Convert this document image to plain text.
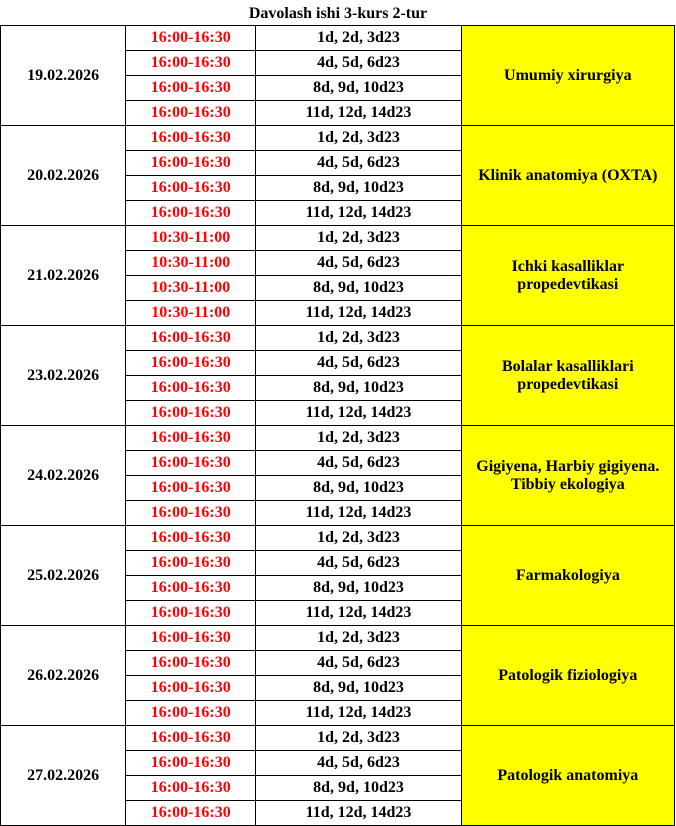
Davolash ishi 3-kurs 2-tur
19.02.2026	16:00-16:30	1d, 2d, 3d23	Umumiy xirurgiya
	16:00-16:30	4d, 5d, 6d23	
	16:00-16:30	8d, 9d, 10d23	
	16:00-16:30	11d, 12d, 14d23	
20.02.2026	16:00-16:30	1d, 2d, 3d23	Klinik anatomiya (OXTA)
	16:00-16:30	4d, 5d, 6d23	
	16:00-16:30	8d, 9d, 10d23	
	16:00-16:30	11d, 12d, 14d23	
21.02.2026	10:30-11:00	1d, 2d, 3d23	Ichki kasalliklar propedevtikasi
	10:30-11:00	4d, 5d, 6d23	
	10:30-11:00	8d, 9d, 10d23	
	10:30-11:00	11d, 12d, 14d23	
23.02.2026	16:00-16:30	1d, 2d, 3d23	Bolalar kasalliklari propedevtikasi
	16:00-16:30	4d, 5d, 6d23	
	16:00-16:30	8d, 9d, 10d23	
	16:00-16:30	11d, 12d, 14d23	
24.02.2026	16:00-16:30	1d, 2d, 3d23	Gigiyena, Harbiy gigiyena. Tibbiy ekologiya
	16:00-16:30	4d, 5d, 6d23	
	16:00-16:30	8d, 9d, 10d23	
	16:00-16:30	11d, 12d, 14d23	
25.02.2026	16:00-16:30	1d, 2d, 3d23	Farmakologiya
	16:00-16:30	4d, 5d, 6d23	
	16:00-16:30	8d, 9d, 10d23	
	16:00-16:30	11d, 12d, 14d23	
26.02.2026	16:00-16:30	1d, 2d, 3d23	Patologik fiziologiya
	16:00-16:30	4d, 5d, 6d23	
	16:00-16:30	8d, 9d, 10d23	
	16:00-16:30	11d, 12d, 14d23	
27.02.2026	16:00-16:30	1d, 2d, 3d23	Patologik anatomiya
	16:00-16:30	4d, 5d, 6d23	
	16:00-16:30	8d, 9d, 10d23	
	16:00-16:30	11d, 12d, 14d23	
